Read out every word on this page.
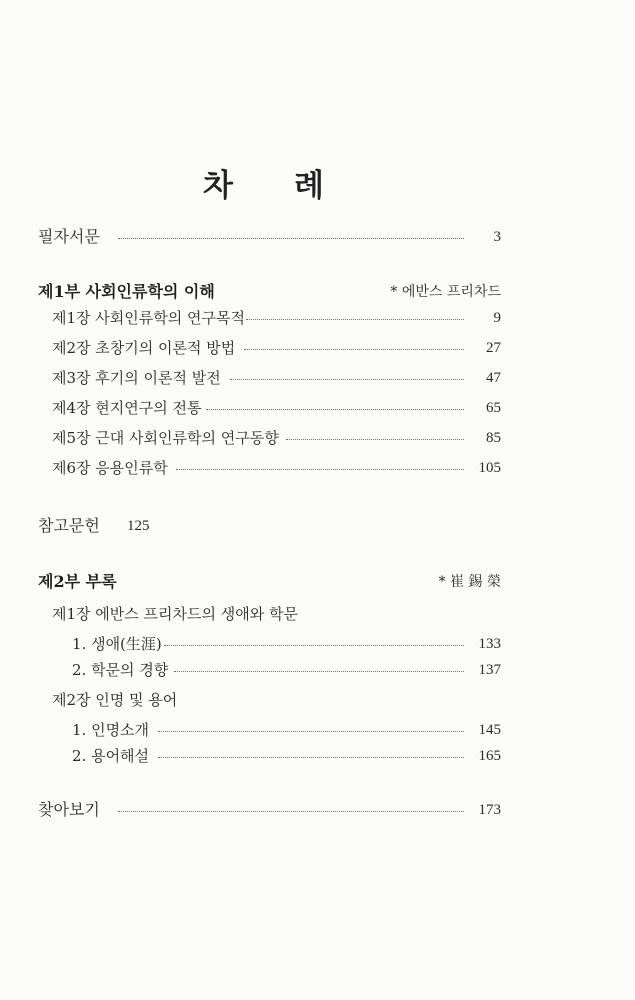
차 례
필자서문	3
제1부 사회인류학의 이해	* 에반스 프리차드
제1장 사회인류학의 연구목적	9
제2장 초창기의 이론적 방법	27
제3장 후기의 이론적 발전	47
제4장 현지연구의 전통	65
제5장 근대 사회인류학의 연구동향	85
제6장 응용인류학	105
참고문헌 125
제2부 부록	* 崔 錫 榮
제1장 에반스 프리차드의 생애와 학문
1. 생애(生涯)	133
2. 학문의 경향	137
제2장 인명 및 용어
1. 인명소개	145
2. 용어해설	165
찾아보기	173
